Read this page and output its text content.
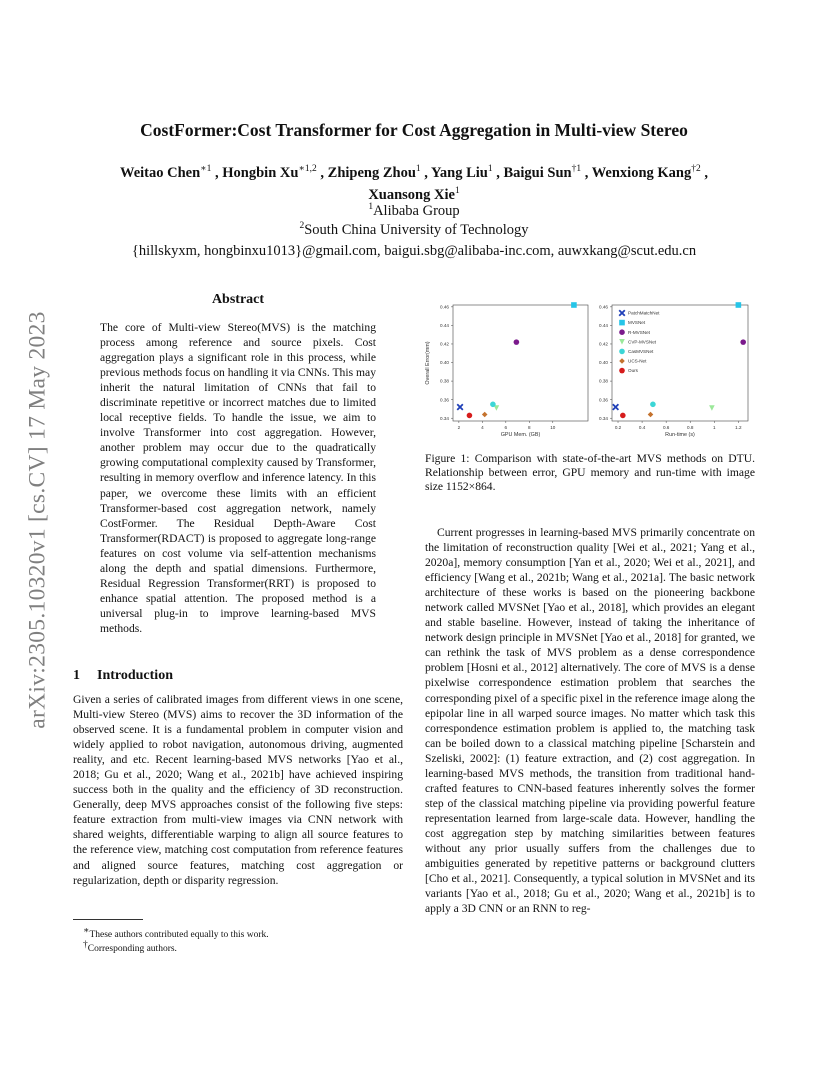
arXiv:2305.10320v1 [cs.CV] 17 May 2023
CostFormer:Cost Transformer for Cost Aggregation in Multi-view Stereo
Weitao Chen$^{∗1}$ , Hongbin $Xu^{∗1,2}$ , Zhipeng Zhou$^1$ , Yang Liu$^1$ , Baigui Sun$^{\dagger 1}$ , Wenxiong Kang$^{\dagger 2}$ , Xuansong Xie$^1$
$^1$Alibaba Group
$^2$South China University of Technology
{hillskyxm, hongbinxu1013}@gmail.com, baigui.sbg@alibaba-inc.com, auwxkang@scut.edu.cn
Abstract
The core of Multi-view Stereo(MVS) is the matching process among reference and source pixels. Cost aggregation plays a significant role in this process, while previous methods focus on handling it via CNNs. This may inherit the natural limitation of CNNs that fail to discriminate repetitive or incorrect matches due to limited local receptive fields. To handle the issue, we aim to involve Transformer into cost aggregation. However, another problem may occur due to the quadratically growing computational complexity caused by Transformer, resulting in memory overflow and inference latency. In this paper, we overcome these limits with an efficient Transformer-based cost aggregation network, namely CostFormer. The Residual Depth-Aware Cost Transformer(RDACT) is proposed to aggregate long-range features on cost volume via self-attention mechanisms along the depth and spatial dimensions. Furthermore, Residual Regression Transformer(RRT) is proposed to enhance spatial attention. The proposed method is a universal plug-in to improve learning-based MVS methods.
1 Introduction
Given a series of calibrated images from different views in one scene, Multi-view Stereo (MVS) aims to recover the 3D information of the observed scene. It is a fundamental problem in computer vision and widely applied to robot navigation, autonomous driving, augmented reality, and etc. Recent learning-based MVS networks [Yao et al., 2018; Gu et al., 2020; Wang et al., 2021b] have achieved inspiring success both in the quality and the efficiency of 3D reconstruction. Generally, deep MVS approaches consist of the following five steps: feature extraction from multi-view images via CNN network with shared weights, differentiable warping to align all source features to the reference view, matching cost computation from reference features and aligned source features, matching cost aggregation or regularization, depth or disparity regression.
∗These authors contributed equally to this work.
†Corresponding authors.
0.34
0.36
0.38
0.40
0.42
0.44
0.46
2	4	6	8	10
GPU Mem. (GB)
Overall Error(mm)
0.34
0.36
0.38
0.40
0.42
0.44
0.46
0.2	0.4	0.6	0.8	1	1.2
Run-time (s)
PatchMatchNet
MVSNet
R-MVSNet
CVP-MVSNet
CasMVSNet
UCS-Net
Ours
Figure 1: Comparison with state-of-the-art MVS methods on DTU. Relationship between error, GPU memory and run-time with image size 1152×864.
Current progresses in learning-based MVS primarily concentrate on the limitation of reconstruction quality [Wei et al., 2021; Yang et al., 2020a], memory consumption [Yan et al., 2020; Wei et al., 2021], and efficiency [Wang et al., 2021b; Wang et al., 2021a]. The basic network architecture of these works is based on the pioneering backbone network called MVSNet [Yao et al., 2018], which provides an elegant and stable baseline. However, instead of taking the inheritance of network design principle in MVSNet [Yao et al., 2018] for granted, we can rethink the task of MVS problem as a dense correspondence problem [Hosni et al., 2012] alternatively. The core of MVS is a dense pixelwise correspondence estimation problem that searches the corresponding pixel of a specific pixel in the reference image along the epipolar line in all warped source images. No matter which task this correspondence estimation problem is applied to, the matching task can be boiled down to a classical matching pipeline [Scharstein and Szeliski, 2002]: (1) feature extraction, and (2) cost aggregation. In learning-based MVS methods, the transition from traditional hand-crafted features to CNN-based features inherently solves the former step of the classical matching pipeline via providing powerful feature representation learned from large-scale data. However, handling the cost aggregation step by matching similarities between features without any prior usually suffers from the challenges due to ambiguities generated by repetitive patterns or background clutters [Cho et al., 2021]. Consequently, a typical solution in MVSNet and its variants [Yao et al., 2018; Gu et al., 2020; Wang et al., 2021b] is to apply a 3D CNN or an RNN to reg-
